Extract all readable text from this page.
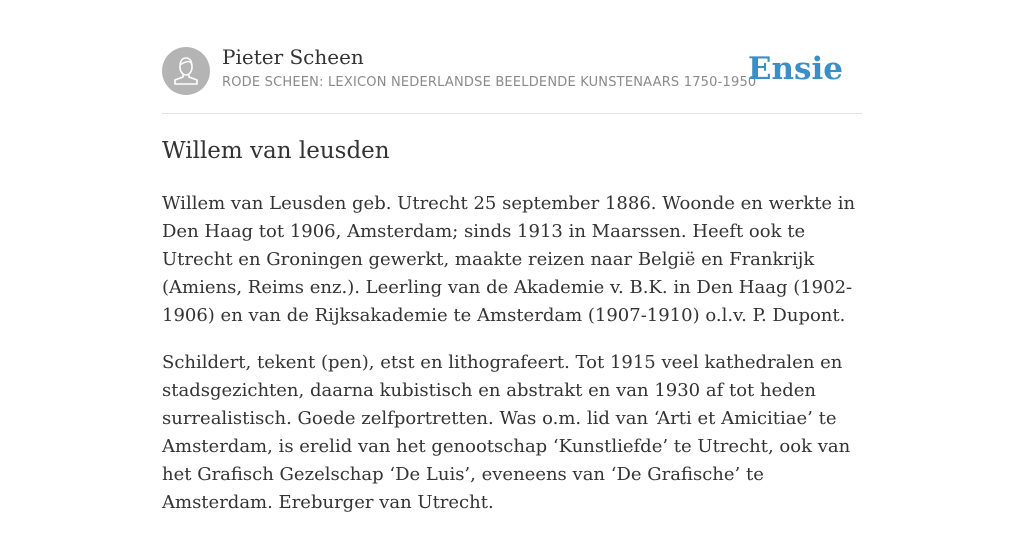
Pieter Scheen
RODE SCHEEN: LEXICON NEDERLANDSE BEELDENDE KUNSTENAARS 1750-1950
Ensie
Willem van leusden

Willem van Leusden geb. Utrecht 25 september 1886. Woonde en werkte in Den Haag tot 1906, Amsterdam; sinds 1913 in Maarssen. Heeft ook te Utrecht en Groningen gewerkt, maakte reizen naar België en Frankrijk (Amiens, Reims enz.). Leerling van de Akademie v. B.K. in Den Haag (1902-1906) en van de Rijksakademie te Amsterdam (1907-1910) o.l.v. P. Dupont.

Schildert, tekent (pen), etst en lithografeert. Tot 1915 veel kathedralen en stadsgezichten, daarna kubistisch en abstrakt en van 1930 af tot heden surrealistisch. Goede zelfportretten. Was o.m. lid van ‘Arti et Amicitiae’ te Amsterdam, is erelid van het genootschap ‘Kunstliefde’ te Utrecht, ook van het Grafisch Gezelschap ‘De Luis’, eveneens van ‘De Grafische’ te Amsterdam. Ereburger van Utrecht.
